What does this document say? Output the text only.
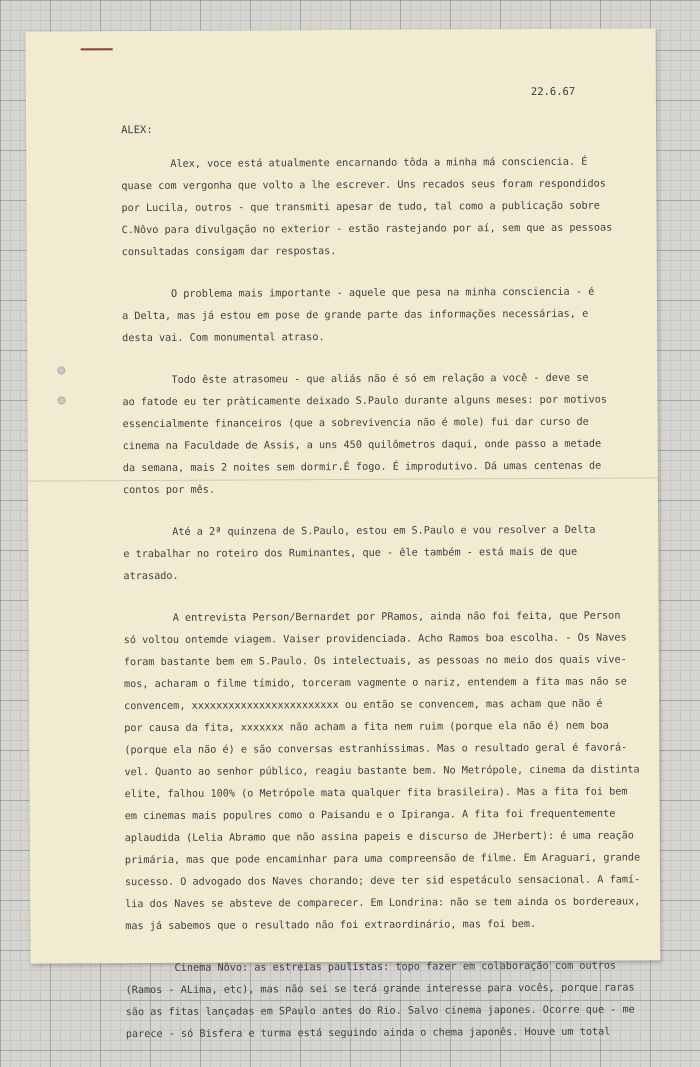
22.6.67
ALEX:

Alex, voce está atualmente encarnando tôda a minha má consciencia. É
quase com vergonha que volto a lhe escrever. Uns recados seus foram respondidos
por Lucila, outros - que transmiti apesar de tudo, tal como a publicação sobre
C.Nôvo para divulgação no exterior - estão rastejando por aí, sem que as pessoas
consultadas consigam dar respostas.

O problema mais importante - aquele que pesa na minha consciencia - é
a Delta, mas já estou em pose de grande parte das informações necessárias, e
desta vai. Com monumental atraso.

Todo êste atrasomeu - que aliás não é só em relação a você - deve se
ao fatode eu ter pràticamente deixado S.Paulo durante alguns meses: por motivos
essencialmente financeiros (que a sobrevivencia não é mole) fui dar curso de
cinema na Faculdade de Assis, a uns 450 quilômetros daqui, onde passo a metade
da semana, mais 2 noites sem dormir.É fogo. É improdutivo. Dá umas centenas de
contos por mês.

Até a 2ª quinzena de S.Paulo, estou em S.Paulo e vou resolver a Delta
e trabalhar no roteiro dos Ruminantes, que - êle também - está mais de que
atrasado.

A entrevista Person/Bernardet por PRamos, ainda não foi feita, que Person
só voltou ontemde viagem. Vaiser providenciada. Acho Ramos boa escolha. - Os Naves
foram bastante bem em S.Paulo. Os intelectuais, as pessoas no meio dos quais vive-
mos, acharam o filme tímido, torceram vagmente o nariz, entendem a fita mas não se
convencem, xxxxxxxxxxxxxxxxxxxxxxxx ou então se convencem, mas acham que não é
por causa da fita, xxxxxxx não acham a fita nem ruim (porque ela não é) nem boa
(porque ela não é) e são conversas estranhíssimas. Mas o resultado geral é favorá-
vel. Quanto ao senhor público, reagiu bastante bem. No Metrópole, cinema da distinta
elite, falhou 100% (o Metrópole mata qualquer fita brasileira). Mas a fita foi bem
em cinemas mais populres como o Paisandu e o Ipiranga. A fita foi frequentemente
aplaudida (Lelia Abramo que não assina papeis e discurso de JHerbert): é uma reação
primária, mas que pode encaminhar para uma compreensão de filme. Em Araguari, grande
sucesso. O advogado dos Naves chorando; deve ter sid espetáculo sensacional. A famí-
lia dos Naves se absteve de comparecer. Em Londrina: não se tem ainda os bordereaux,
mas já sabemos que o resultado não foi extraordinário, mas foi bem.

Cinema Nôvo: as estreias paulistas: topo fazer em colaboração com outros
(Ramos - ALima, etc), mas não sei se terá grande interesse para vocês, porque raras
são as fitas lançadas em SPaulo antes do Rio. Salvo cinema japones. Ocorre que - me
parece - só Bisfera e turma está seguindo ainda o chema japonês. Houve um total
